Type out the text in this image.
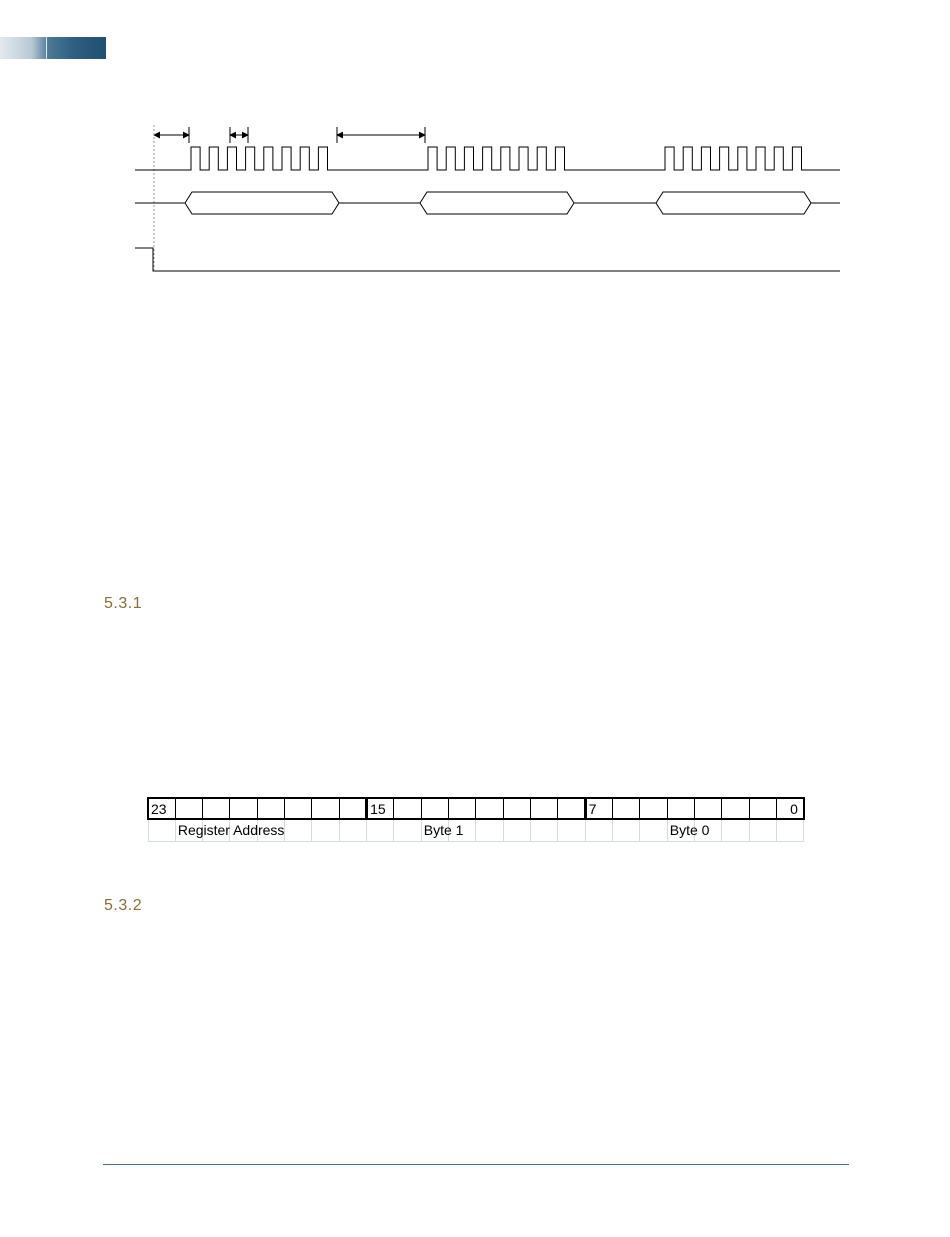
5.3.1
23								15								7							0
	Register Address									Byte 1									Byte 0				
5.3.2
